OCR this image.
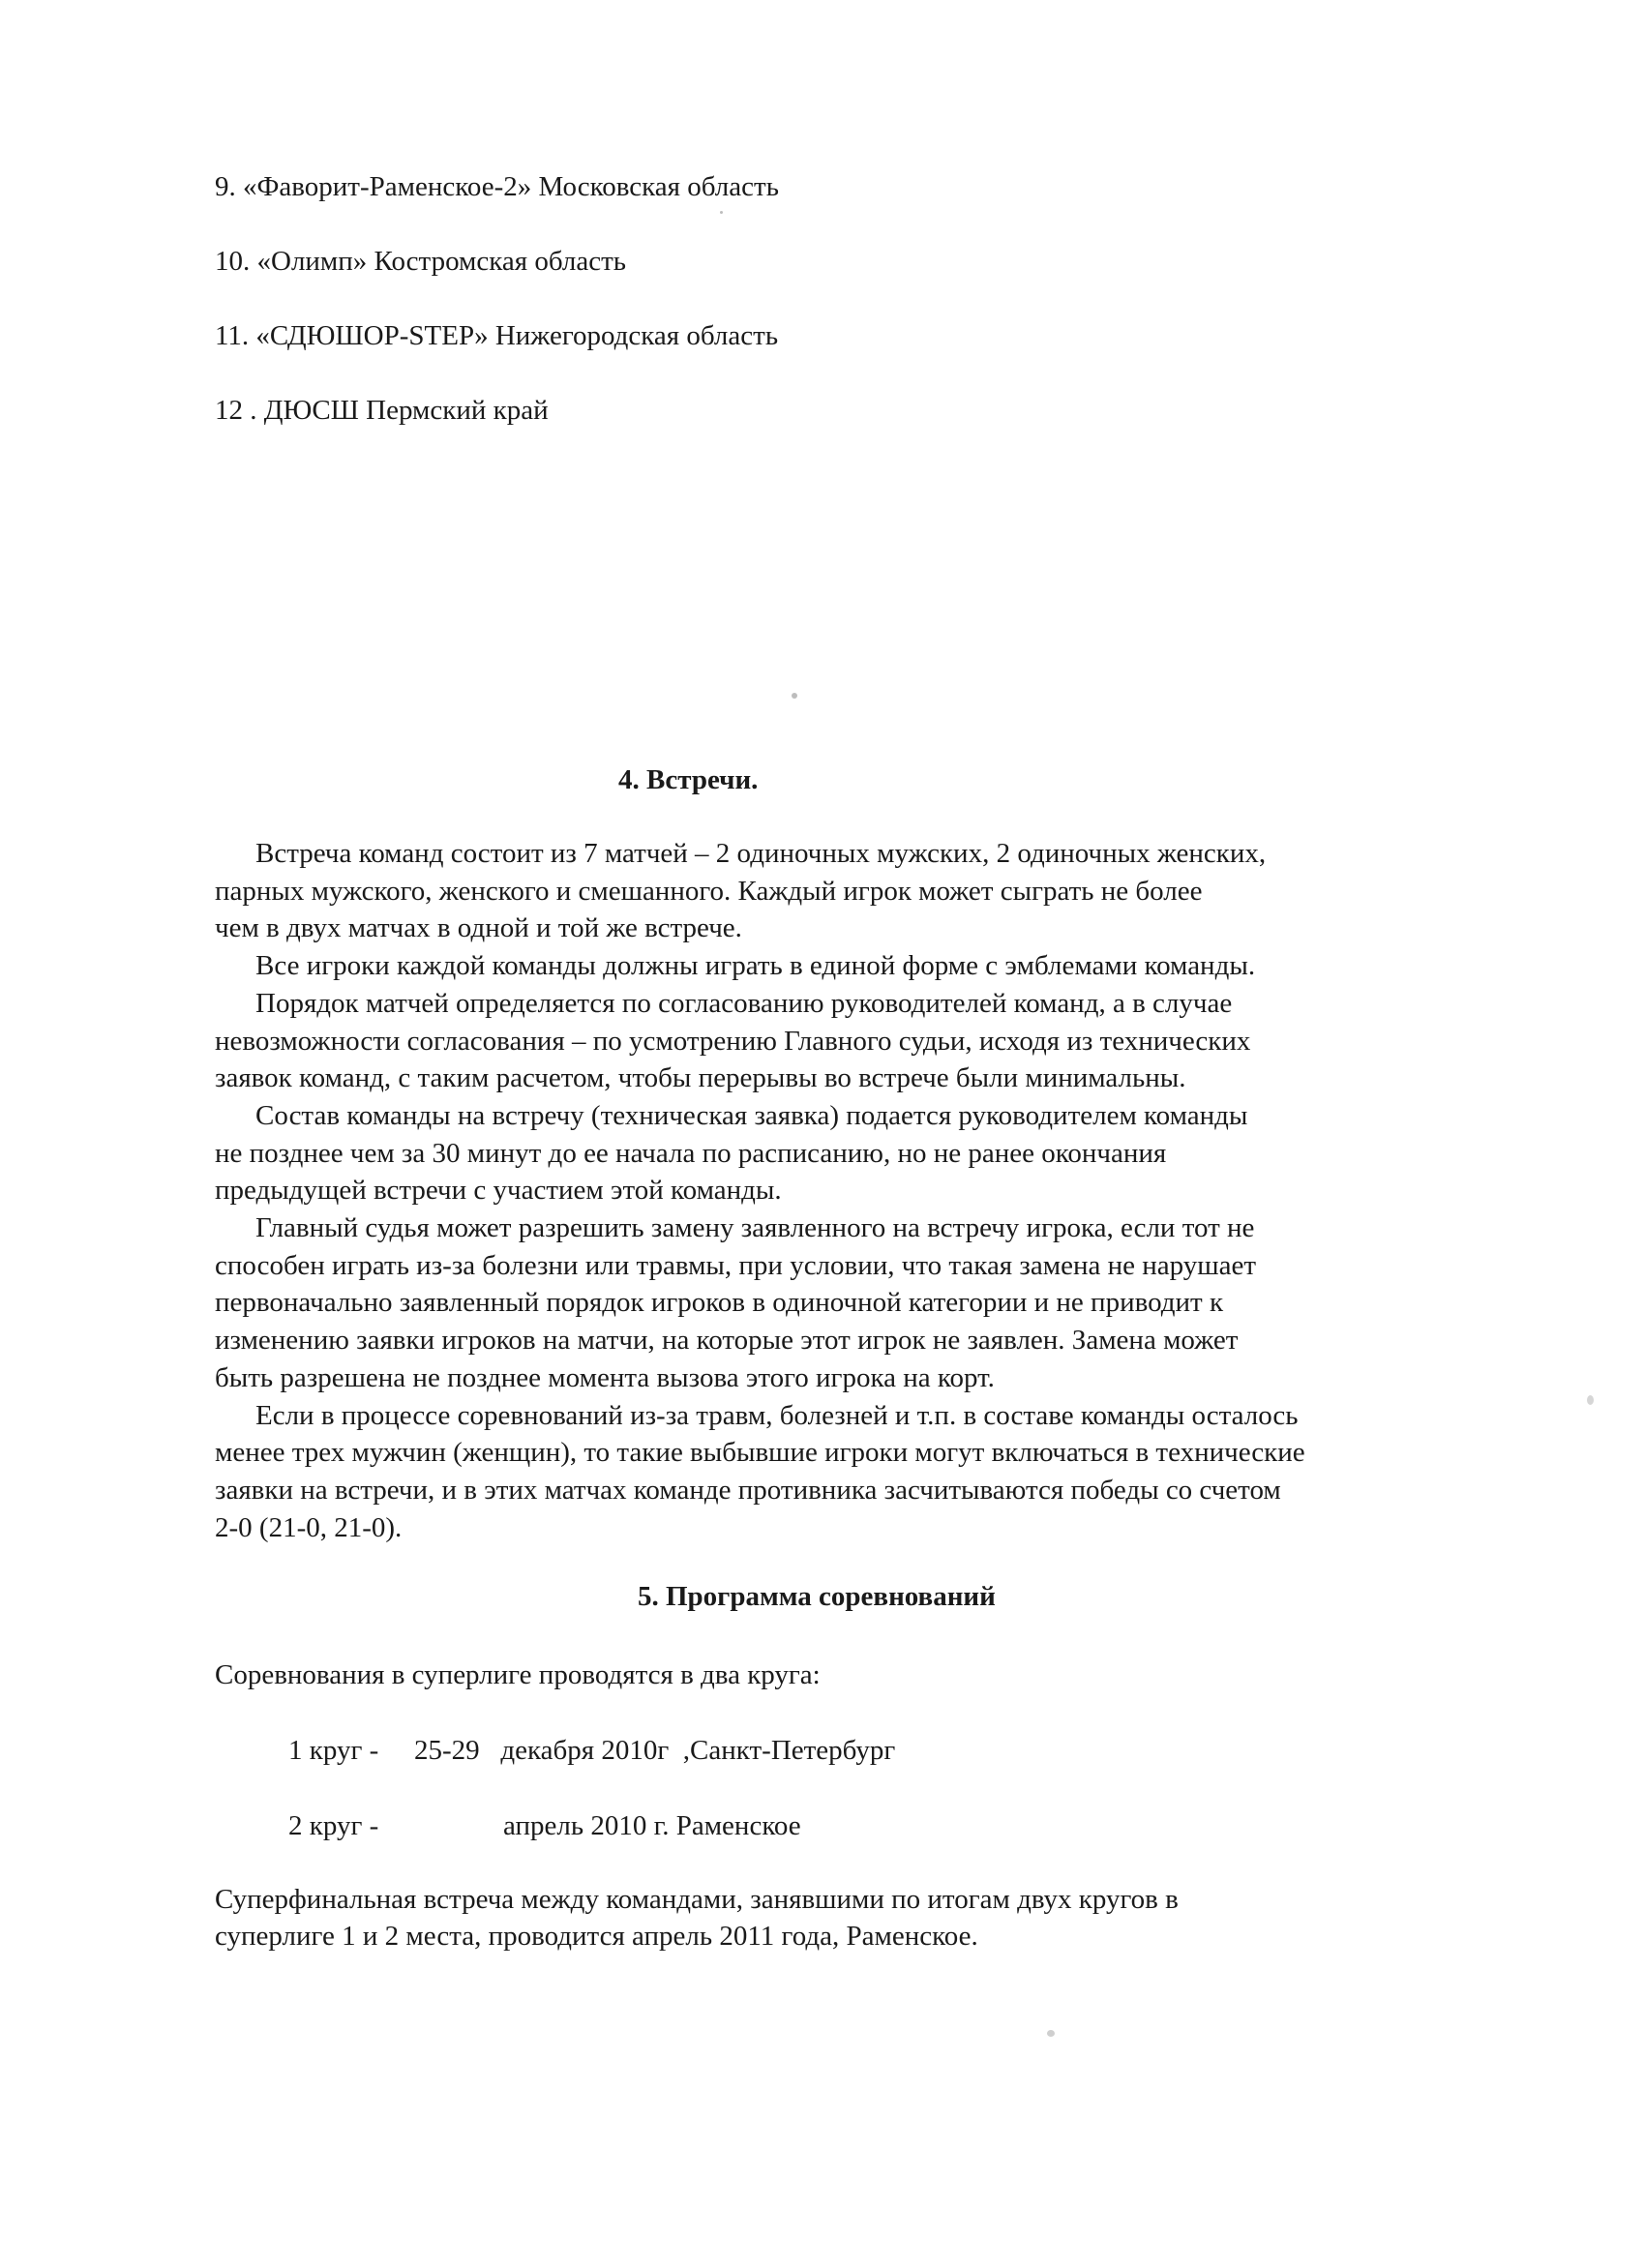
9. «Фаворит-Раменское-2» Московская область

10. «Олимп» Костромская область

11. «СДЮШОР-STEP» Нижегородская область

12 . ДЮСШ Пермский край

4. Встречи.

Встреча команд состоит из 7 матчей – 2 одиночных мужских, 2 одиночных женских,
парных мужского, женского и смешанного. Каждый игрок может сыграть не более
чем в двух матчах в одной и той же встрече.
Все игроки каждой команды должны играть в единой форме с эмблемами команды.
Порядок матчей определяется по согласованию руководителей команд, а в случае
невозможности согласования – по усмотрению Главного судьи, исходя из технических
заявок команд, с таким расчетом, чтобы перерывы во встрече были минимальны.
Состав команды на встречу (техническая заявка) подается руководителем команды
не позднее чем за 30 минут до ее начала по расписанию, но не ранее окончания
предыдущей встречи с участием этой команды.
Главный судья может разрешить замену заявленного на встречу игрока, если тот не
способен играть из-за болезни или травмы, при условии, что такая замена не нарушает
первоначально заявленный порядок игроков в одиночной категории и не приводит к
изменению заявки игроков на матчи, на которые этот игрок не заявлен. Замена может
быть разрешена не позднее момента вызова этого игрока на корт.
Если в процессе соревнований из-за травм, болезней и т.п. в составе команды осталось
менее трех мужчин (женщин), то такие выбывшие игроки могут включаться в технические
заявки на встречи, и в этих матчах команде противника засчитываются победы со счетом
2-0 (21-0, 21-0).

5. Программа соревнований

Соревнования в суперлиге проводятся в два круга:

1 круг - 25-29   декабря 2010г  ,Санкт-Петербург

2 круг -	апрель 2010 г. Раменское

Суперфинальная встреча между командами, занявшими по итогам двух кругов в

суперлиге 1 и 2 места, проводится апрель 2011 года, Раменское.
